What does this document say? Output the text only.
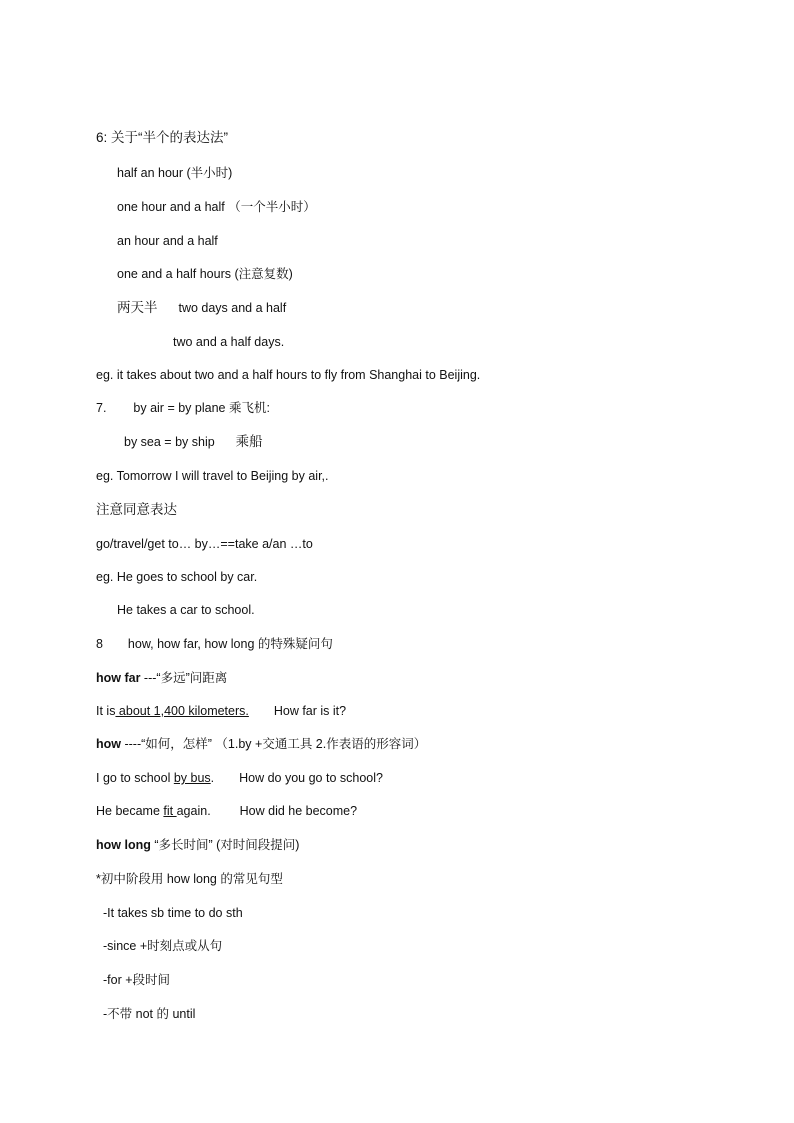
6: 关于“半个的表达法”
half an hour (半小时)
one hour and a half （一个半小时）
an hour and a half
one and a half hours (注意复数)
两天半 two days and a half
two and a half days.
eg. it takes about two and a half hours to fly from Shanghai to Beijing.
7. by air = by plane 乘飞机:
by sea = by ship 乘船
eg. Tomorrow I will travel to Beijing by air,.
注意同意表达
go/travel/get to… by…==take a/an …to
eg. He goes to school by car.
He takes a car to school.
8 how, how far, how long 的特殊疑问句
how far ---“多远”问距离
It is about 1,400 kilometers. How far is it?
how ----“如何，怎样” （1.by +交通工具 2.作表语的形容词）
I go to school by bus. How do you go to school?
He became fit again. How did he become?
how long “多长时间” (对时间段提问)
*初中阶段用 how long 的常见句型
-It takes sb time to do sth
-since +时刻点或从句
-for +段时间
-不带 not 的 until
